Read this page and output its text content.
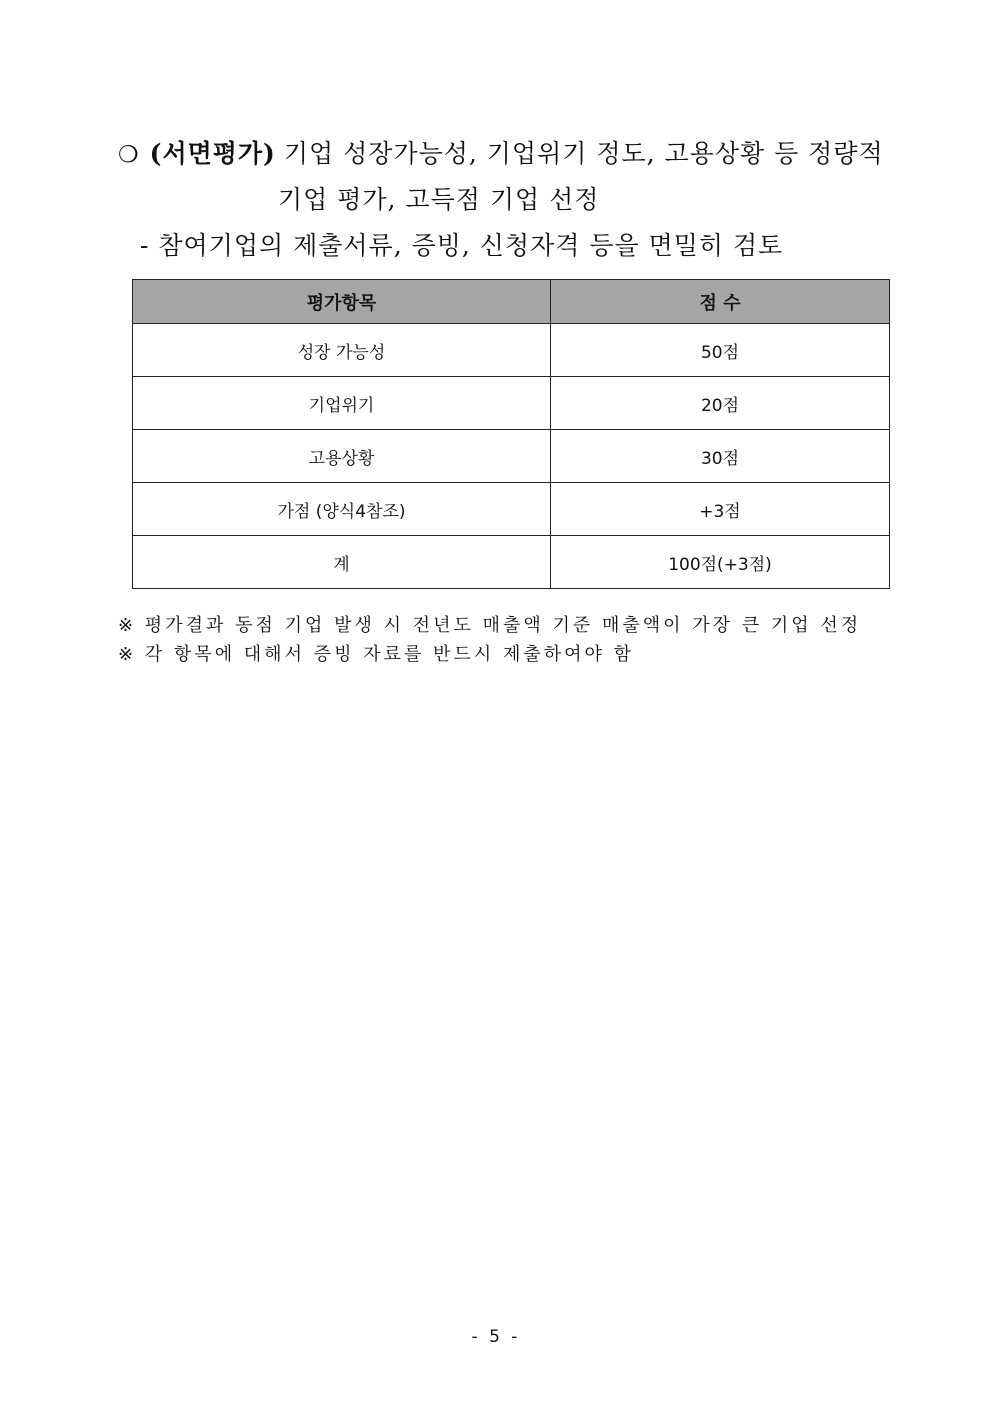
❍ (서면평가) 기업 성장가능성, 기업위기 정도, 고용상황 등 정량적
기업 평가, 고득점 기업 선정
- 참여기업의 제출서류, 증빙, 신청자격 등을 면밀히 검토
평가항목	점 수
성장 가능성	50점
기업위기	20점
고용상황	30점
가점 (양식4참조)	+3점
계	100점(+3점)
※ 평가결과 동점 기업 발생 시 전년도 매출액 기준 매출액이 가장 큰 기업 선정
※ 각 항목에 대해서 증빙 자료를 반드시 제출하여야 함
- 5 -
